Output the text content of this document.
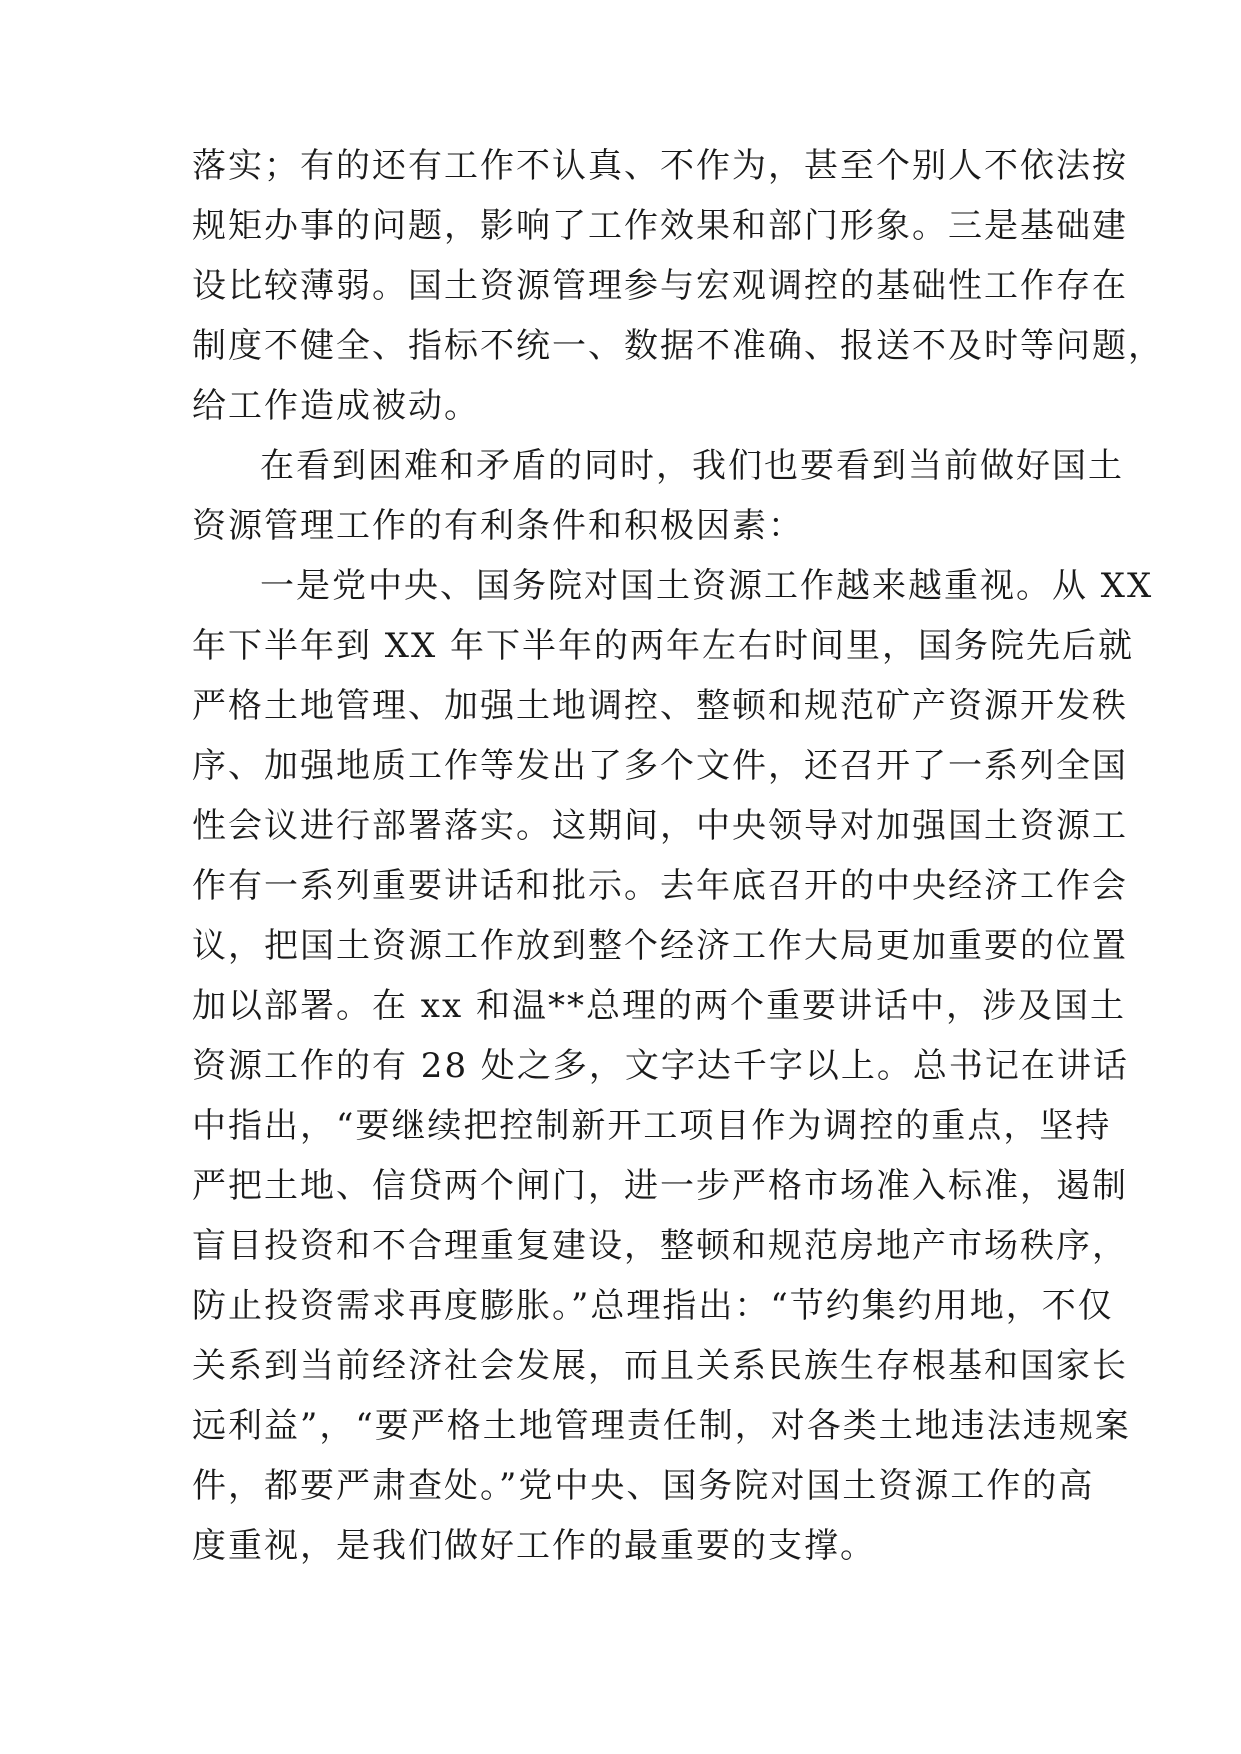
落实；有的还有工作不认真、不作为，甚至个别人不依法按
规矩办事的问题，影响了工作效果和部门形象。三是基础建
设比较薄弱。国土资源管理参与宏观调控的基础性工作存在
制度不健全、指标不统一、数据不准确、报送不及时等问题，
给工作造成被动。
在看到困难和矛盾的同时，我们也要看到当前做好国土
资源管理工作的有利条件和积极因素：
一是党中央、国务院对国土资源工作越来越重视。从 XX
年下半年到 XX 年下半年的两年左右时间里，国务院先后就
严格土地管理、加强土地调控、整顿和规范矿产资源开发秩
序、加强地质工作等发出了多个文件，还召开了一系列全国
性会议进行部署落实。这期间，中央领导对加强国土资源工
作有一系列重要讲话和批示。去年底召开的中央经济工作会
议，把国土资源工作放到整个经济工作大局更加重要的位置
加以部署。在 xx 和温**总理的两个重要讲话中，涉及国土
资源工作的有 28 处之多，文字达千字以上。总书记在讲话
中指出，“要继续把控制新开工项目作为调控的重点，坚持
严把土地、信贷两个闸门，进一步严格市场准入标准，遏制
盲目投资和不合理重复建设，整顿和规范房地产市场秩序，
防止投资需求再度膨胀。”总理指出：“节约集约用地，不仅
关系到当前经济社会发展，而且关系民族生存根基和国家长
远利益”，“要严格土地管理责任制，对各类土地违法违规案
件，都要严肃查处。”党中央、国务院对国土资源工作的高
度重视，是我们做好工作的最重要的支撑。
